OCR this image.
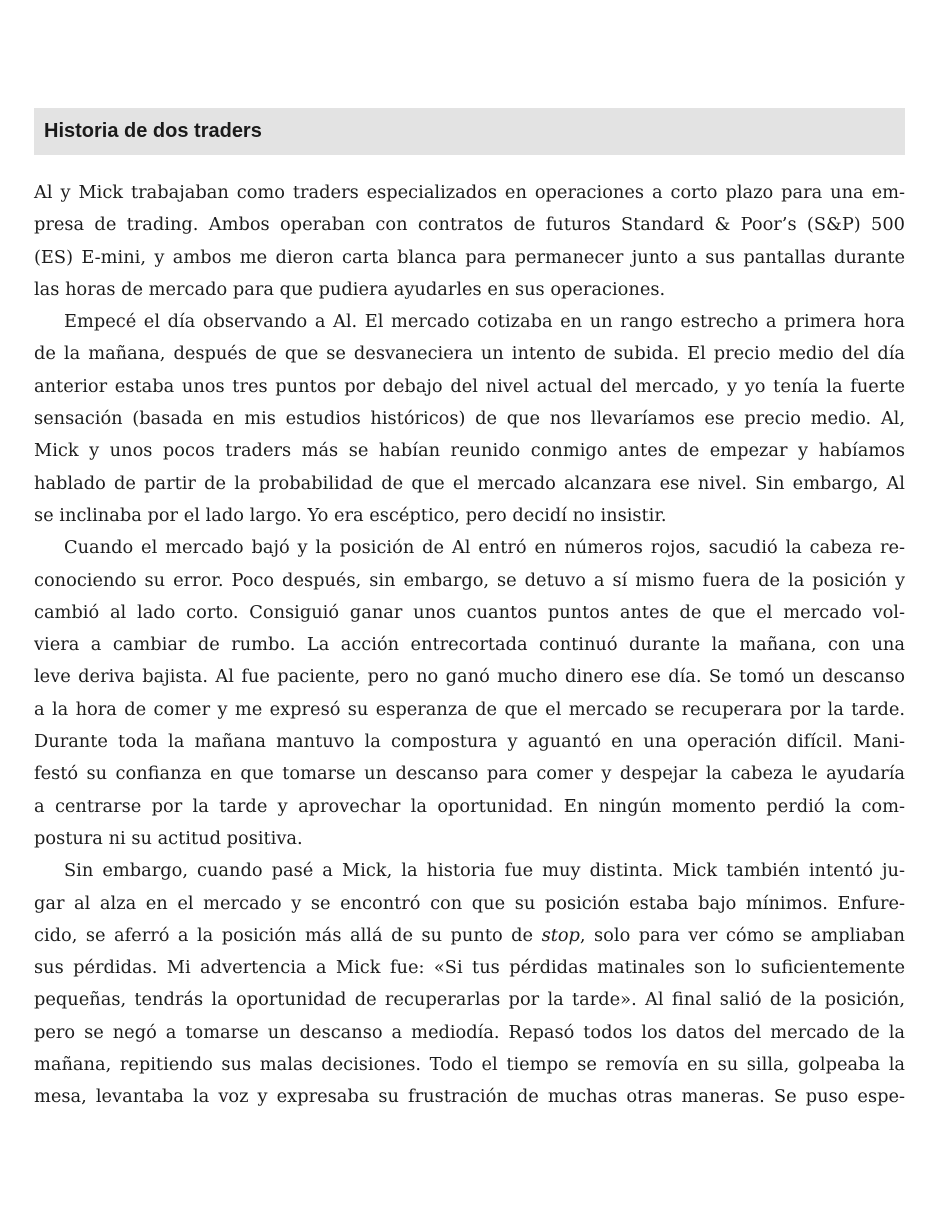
Historia de dos traders

Al y Mick trabajaban como traders especializados en operaciones a corto plazo para una em-
presa de trading. Ambos operaban con contratos de futuros Standard & Poor’s (S&P) 500
(ES) E-mini, y ambos me dieron carta blanca para permanecer junto a sus pantallas durante
las horas de mercado para que pudiera ayudarles en sus operaciones.

Empecé el día observando a Al. El mercado cotizaba en un rango estrecho a primera hora
de la mañana, después de que se desvaneciera un intento de subida. El precio medio del día
anterior estaba unos tres puntos por debajo del nivel actual del mercado, y yo tenía la fuerte
sensación (basada en mis estudios históricos) de que nos llevaríamos ese precio medio. Al,
Mick y unos pocos traders más se habían reunido conmigo antes de empezar y habíamos
hablado de partir de la probabilidad de que el mercado alcanzara ese nivel. Sin embargo, Al
se inclinaba por el lado largo. Yo era escéptico, pero decidí no insistir.

Cuando el mercado bajó y la posición de Al entró en números rojos, sacudió la cabeza re-
conociendo su error. Poco después, sin embargo, se detuvo a sí mismo fuera de la posición y
cambió al lado corto. Consiguió ganar unos cuantos puntos antes de que el mercado vol-
viera a cambiar de rumbo. La acción entrecortada continuó durante la mañana, con una
leve deriva bajista. Al fue paciente, pero no ganó mucho dinero ese día. Se tomó un descanso
a la hora de comer y me expresó su esperanza de que el mercado se recuperara por la tarde.
Durante toda la mañana mantuvo la compostura y aguantó en una operación difícil. Mani-
festó su confianza en que tomarse un descanso para comer y despejar la cabeza le ayudaría
a centrarse por la tarde y aprovechar la oportunidad. En ningún momento perdió la com-
postura ni su actitud positiva.

Sin embargo, cuando pasé a Mick, la historia fue muy distinta. Mick también intentó ju-
gar al alza en el mercado y se encontró con que su posición estaba bajo mínimos. Enfure-
cido, se aferró a la posición más allá de su punto de stop, solo para ver cómo se ampliaban
sus pérdidas. Mi advertencia a Mick fue: «Si tus pérdidas matinales son lo suficientemente
pequeñas, tendrás la oportunidad de recuperarlas por la tarde». Al final salió de la posición,
pero se negó a tomarse un descanso a mediodía. Repasó todos los datos del mercado de la
mañana, repitiendo sus malas decisiones. Todo el tiempo se removía en su silla, golpeaba la
mesa, levantaba la voz y expresaba su frustración de muchas otras maneras. Se puso espe-
